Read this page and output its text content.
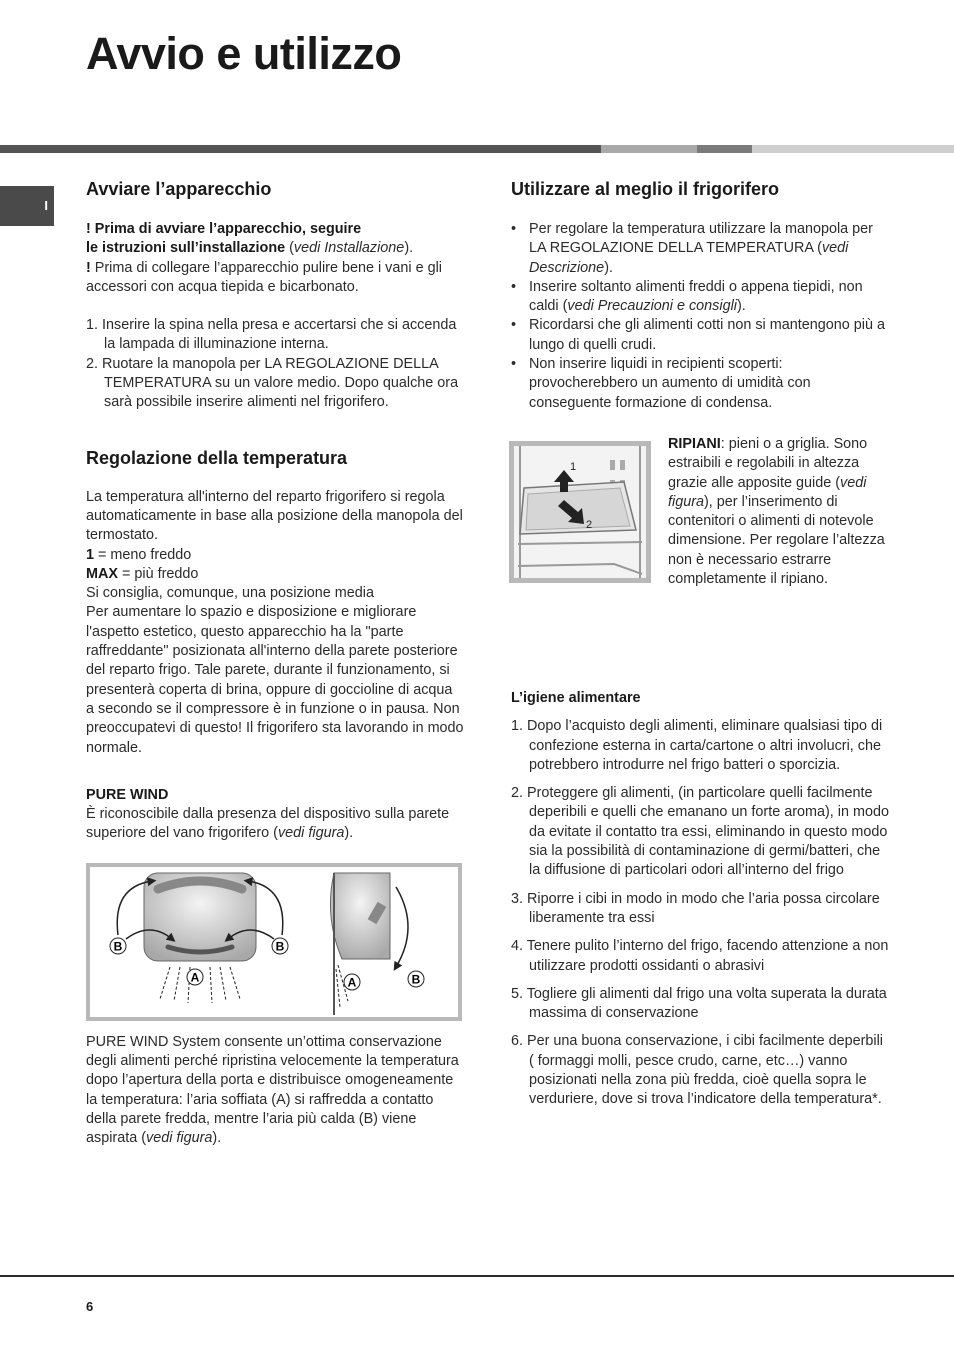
Avvio e utilizzo
I
Avviare l’apparecchio

! Prima di avviare l’apparecchio, seguire
le istruzioni sull’installazione (vedi Installazione).
! Prima di collegare l’apparecchio pulire bene i vani e gli accessori con acqua tiepida e bicarbonato.

1. Inserire la spina nella presa e accertarsi che si accenda la lampada di illuminazione interna.
2. Ruotare la manopola per LA REGOLAZIONE DELLA TEMPERATURA su un valore medio. Dopo qualche ora sarà possibile inserire alimenti nel frigorifero.
Regolazione della temperatura

La temperatura all'interno del reparto frigorifero si regola automaticamente in base alla posizione della manopola del termostato.

1 = meno freddo

MAX = più freddo

Si consiglia, comunque, una posizione media

Per aumentare lo spazio e disposizione e migliorare l'aspetto estetico, questo apparecchio ha la "parte raffreddante" posizionata all'interno della parete posteriore del reparto frigo. Tale parete, durante il funzionamento, si presenterà coperta di brina, oppure di goccioline di acqua a secondo se il compressore è in funzione o in pausa. Non preoccupatevi di questo! Il frigorifero sta lavorando in modo normale.

PURE WIND

È riconoscibile dalla presenza del dispositivo sulla parete superiore del vano frigorifero (vedi figura).

B	B
A	A	B

PURE WIND System consente un’ottima conservazione degli alimenti perché ripristina velocemente la temperatura dopo l’apertura della porta e distribuisce omogeneamente la temperatura: l’aria soffiata (A) si raffredda a contatto della parete fredda, mentre l’aria più calda (B) viene aspirata (vedi figura).

Utilizzare al meglio il frigorifero
• Per regolare la temperatura utilizzare la manopola per LA REGOLAZIONE DELLA TEMPERATURA (vedi Descrizione).
• Inserire soltanto alimenti freddi o appena tiepidi, non caldi (vedi Precauzioni e consigli).
• Ricordarsi che gli alimenti cotti non si mantengono più a lungo di quelli crudi.
• Non inserire liquidi in recipienti scoperti: provocherebbero un aumento di umidità con conseguente formazione di condensa.
1
2

RIPIANI: pieni o a griglia. Sono estraibili e regolabili in altezza grazie alle apposite guide (vedi figura), per l’inserimento di contenitori o alimenti di notevole dimensione. Per regolare l’altezza non è necessario estrarre completamente il ripiano.

L’igiene alimentare
1. Dopo l’acquisto degli alimenti, eliminare qualsiasi tipo di confezione esterna in carta/cartone o altri involucri, che potrebbero introdurre nel frigo batteri o sporcizia.
2. Proteggere gli alimenti, (in particolare quelli facilmente deperibili e quelli che emanano un forte aroma), in modo da evitate il contatto tra essi, eliminando in questo modo sia la possibilità di contaminazione di germi/batteri, che la diffusione di particolari odori all’interno del frigo
3. Riporre i cibi in modo in modo che l’aria possa circolare liberamente tra essi
4. Tenere pulito l’interno del frigo, facendo attenzione a non utilizzare prodotti ossidanti o abrasivi
5. Togliere gli alimenti dal frigo una volta superata la durata massima di conservazione
6. Per una buona conservazione, i cibi facilmente deperbili ( formaggi molli, pesce crudo, carne, etc…) vanno posizionati nella zona più fredda, cioè quella sopra le verduriere, dove si trova l’indicatore della temperatura*.
6
